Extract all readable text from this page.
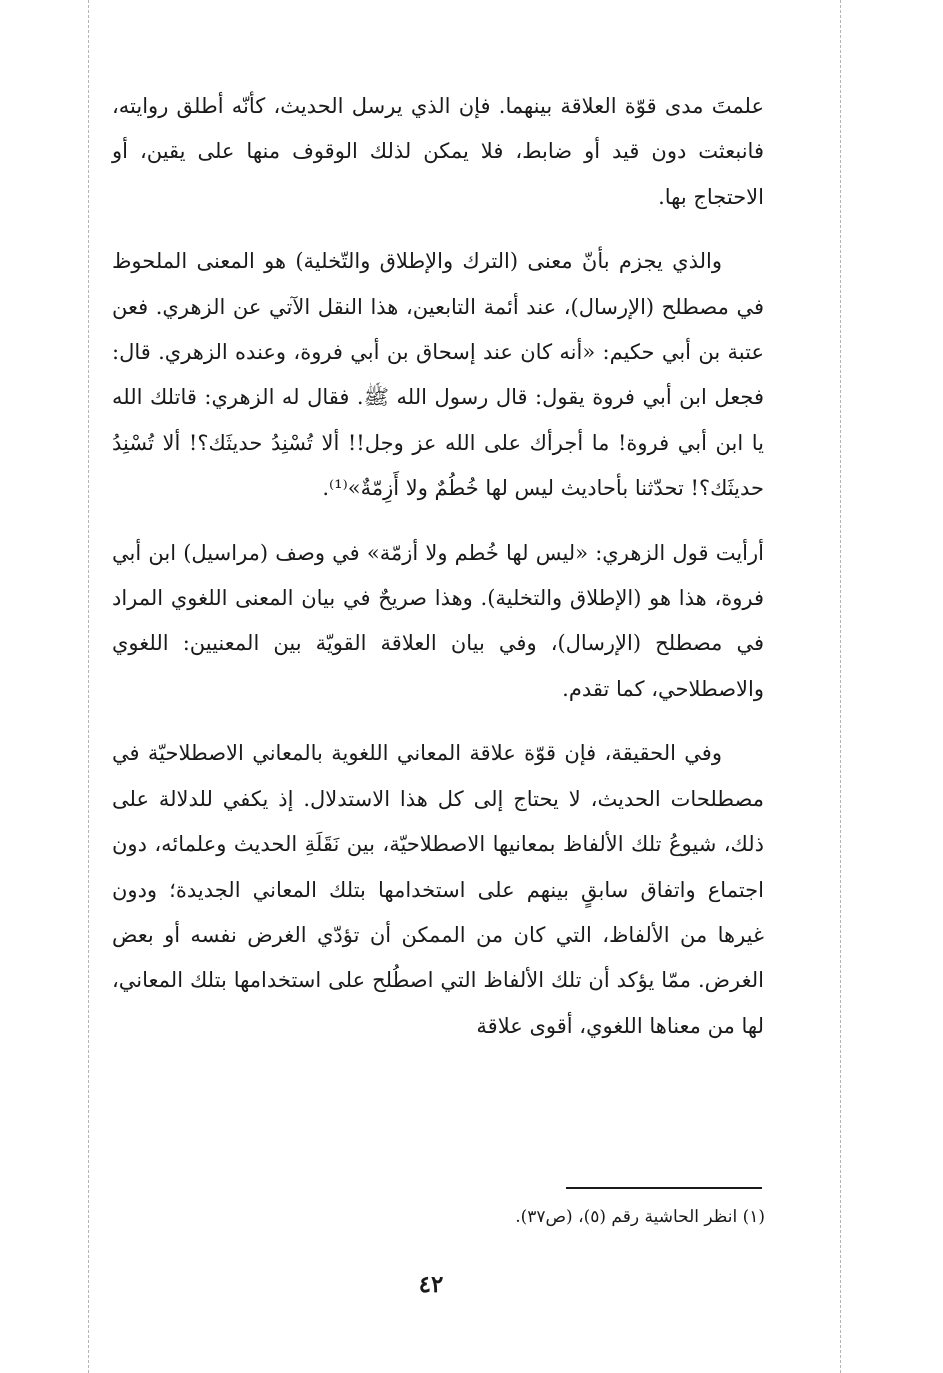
علمتَ مدى قوّة العلاقة بينهما. فإن الذي يرسل الحديث، كأنّه أطلق روايته، فانبعثت دون قيد أو ضابط، فلا يمكن لذلك الوقوف منها على يقين، أو الاحتجاج بها.

والذي يجزم بأنّ معنى (الترك والإطلاق والتّخلية) هو المعنى الملحوظ في مصطلح (الإرسال)، عند أئمة التابعين، هذا النقل الآتي عن الزهري. فعن عتبة بن أبي حكيم: «أنه كان عند إسحاق بن أبي فروة، وعنده الزهري. قال: فجعل ابن أبي فروة يقول: قال رسول الله ﷺ. فقال له الزهري: قاتلك الله يا ابن أبي فروة! ما أجرأك على الله عز وجل!! ألا تُسْنِدُ حديثَك؟! ألا تُسْنِدُ حديثَك؟! تحدّثنا بأحاديث ليس لها خُطُمٌ ولا أَزِمّةٌ»⁽¹⁾.

أرأيت قول الزهري: «ليس لها خُطم ولا أزمّة» في وصف (مراسيل) ابن أبي فروة، هذا هو (الإطلاق والتخلية). وهذا صريحٌ في بيان المعنى اللغوي المراد في مصطلح (الإرسال)، وفي بيان العلاقة القويّة بين المعنيين: اللغوي والاصطلاحي، كما تقدم.

وفي الحقيقة، فإن قوّة علاقة المعاني اللغوية بالمعاني الاصطلاحيّة في مصطلحات الحديث، لا يحتاج إلى كل هذا الاستدلال. إذ يكفي للدلالة على ذلك، شيوعُ تلك الألفاظ بمعانيها الاصطلاحيّة، بين نَقَلَةِ الحديث وعلمائه، دون اجتماع واتفاق سابقٍ بينهم على استخدامها بتلك المعاني الجديدة؛ ودون غيرها من الألفاظ، التي كان من الممكن أن تؤدّي الغرض نفسه أو بعض الغرض. ممّا يؤكد أن تلك الألفاظ التي اصطُلح على استخدامها بتلك المعاني، لها من معناها اللغوي، أقوى علاقة

(١) انظر الحاشية رقم (٥)، (ص٣٧).
٤٢
